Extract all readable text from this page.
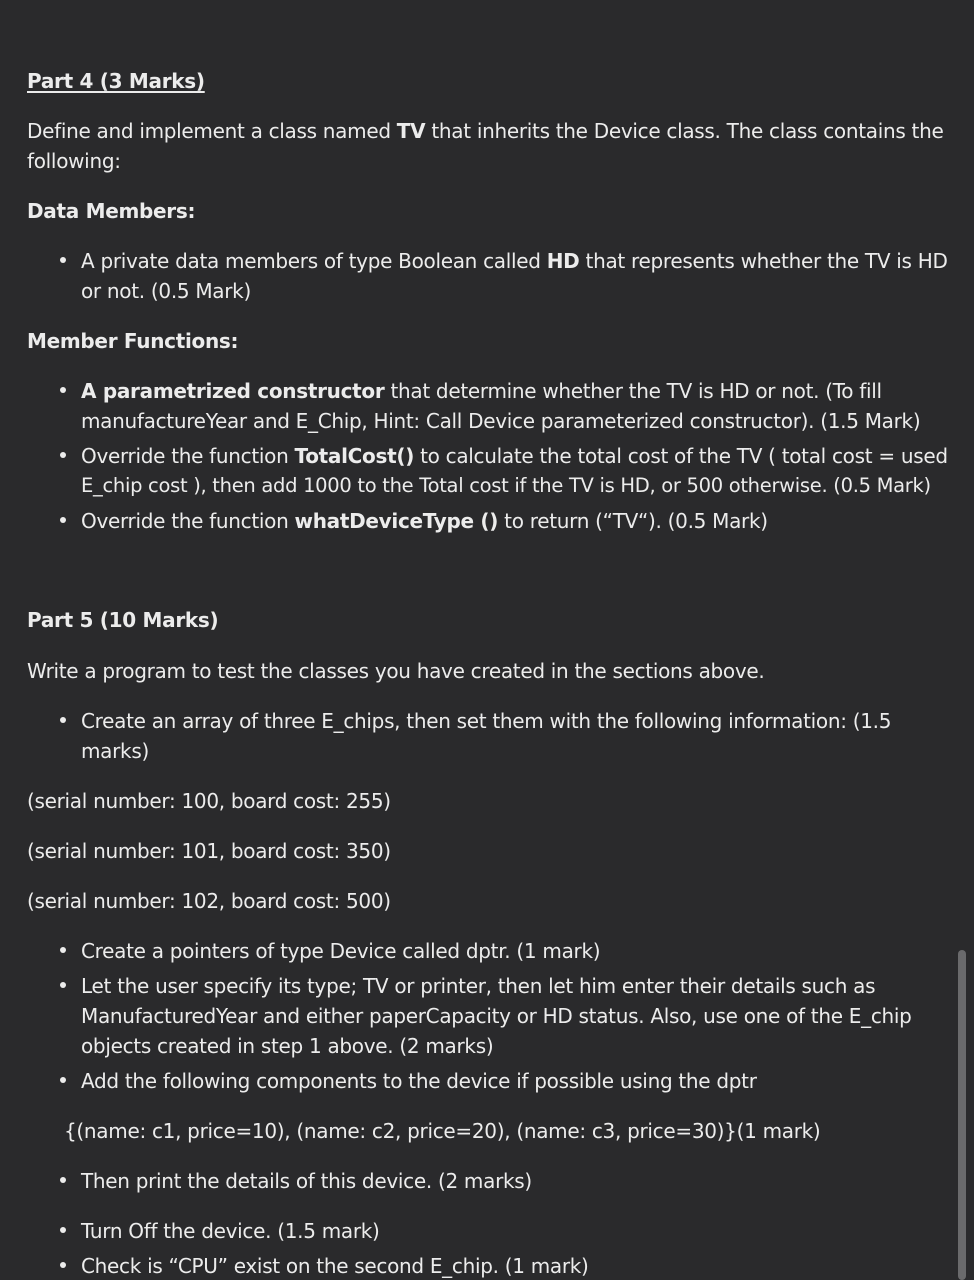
Part 4 (3 Marks)
Define and implement a class named TV that inherits the Device class. The class contains the
following:
Data Members:
A private data members of type Boolean called HD that represents whether the TV is HD
or not. (0.5 Mark)
Member Functions:
A parametrized constructor that determine whether the TV is HD or not. (To fill
manufactureYear and E_Chip, Hint: Call Device parameterized constructor). (1.5 Mark)
Override the function TotalCost() to calculate the total cost of the TV ( total cost = used
E_chip cost ), then add 1000 to the Total cost if the TV is HD, or 500 otherwise. (0.5 Mark)
Override the function whatDeviceType () to return (“TV“). (0.5 Mark)
Part 5 (10 Marks)
Write a program to test the classes you have created in the sections above.
Create an array of three E_chips, then set them with the following information: (1.5
marks)
(serial number: 100, board cost: 255)
(serial number: 101, board cost: 350)
(serial number: 102, board cost: 500)
Create a pointers of type Device called dptr. (1 mark)
Let the user specify its type; TV or printer, then let him enter their details such as
ManufacturedYear and either paperCapacity or HD status. Also, use one of the E_chip
objects created in step 1 above. (2 marks)
Add the following components to the device if possible using the dptr
{(name: c1, price=10), (name: c2, price=20), (name: c3, price=30)}(1 mark)
Then print the details of this device. (2 marks)
Turn Off the device. (1.5 mark)
Check is “CPU” exist on the second E_chip. (1 mark)
